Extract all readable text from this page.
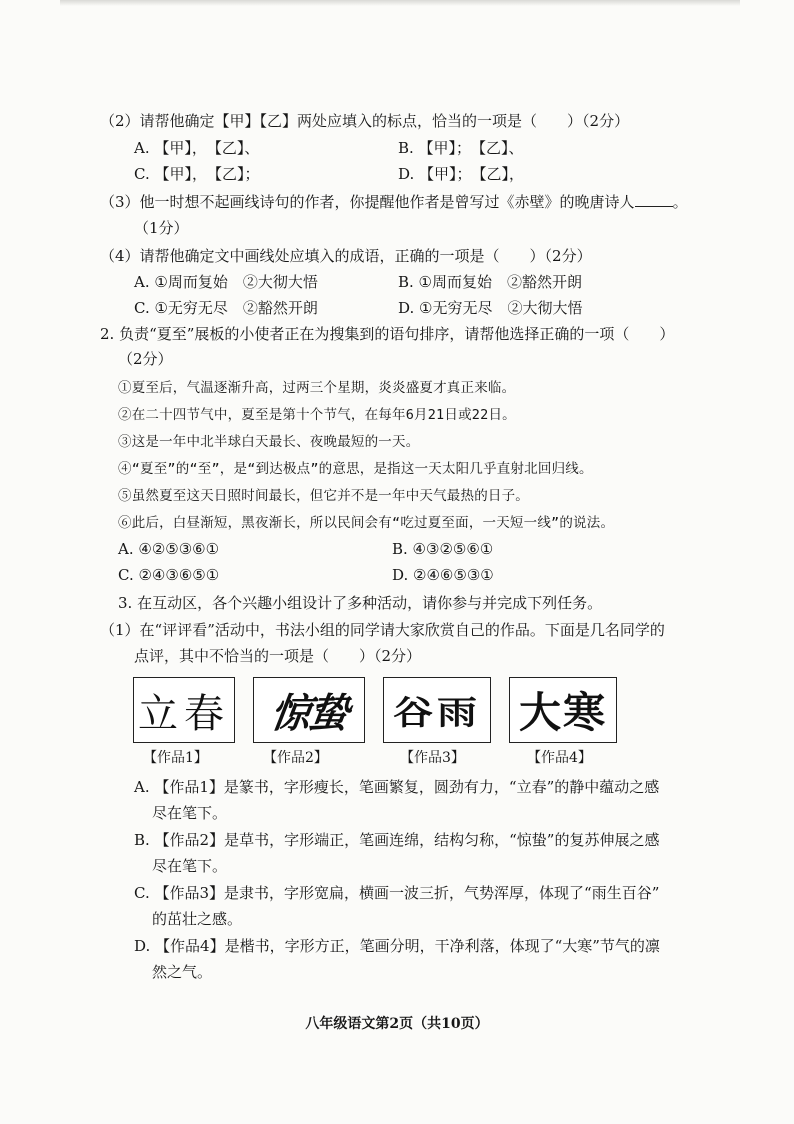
（2）请帮他确定【甲】【乙】两处应填入的标点，恰当的一项是（　　）（2分）
A. 【甲】，　【乙】、	B. 【甲】；　【乙】、
C. 【甲】，　【乙】；	D. 【甲】；　【乙】，
（3）他一时想不起画线诗句的作者，你提醒他作者是曾写过《赤壁》的晚唐诗人	。
（1分）
（4）请帮他确定文中画线处应填入的成语，正确的一项是（　　）（2分）
A. ①周而复始　②大彻大悟	B. ①周而复始　②豁然开朗
C. ①无穷无尽　②豁然开朗	D. ①无穷无尽　②大彻大悟
2. 负责“夏至”展板的小使者正在为搜集到的语句排序，请帮他选择正确的一项（　　）
（2分）
①夏至后，气温逐渐升高，过两三个星期，炎炎盛夏才真正来临。
②在二十四节气中，夏至是第十个节气，在每年6月21日或22日。
③这是一年中北半球白天最长、夜晚最短的一天。
④“夏至”的“至”，是“到达极点”的意思，是指这一天太阳几乎直射北回归线。
⑤虽然夏至这天日照时间最长，但它并不是一年中天气最热的日子。
⑥此后，白昼渐短，黑夜渐长，所以民间会有“吃过夏至面，一天短一线”的说法。
A. ④②⑤③⑥①	B. ④③②⑤⑥①
C. ②④③⑥⑤①	D. ②④⑥⑤③①
3. 在互动区，各个兴趣小组设计了多种活动，请你参与并完成下列任务。
（1）在“评评看”活动中，书法小组的同学请大家欣赏自己的作品。下面是几名同学的
点评，其中不恰当的一项是（　　）（2分）
立春 惊蛰	谷雨 大寒
【作品1】	【作品2】	【作品3】	【作品4】
A. 【作品1】是篆书，字形瘦长，笔画繁复，圆劲有力，“立春”的静中蕴动之感
尽在笔下。
B. 【作品2】是草书，字形端正，笔画连绵，结构匀称，“惊蛰”的复苏伸展之感
尽在笔下。
C. 【作品3】是隶书，字形宽扁，横画一波三折，气势浑厚，体现了“雨生百谷”
的茁壮之感。
D. 【作品4】是楷书，字形方正，笔画分明，干净利落，体现了“大寒”节气的凛
然之气。
八年级语文第2页（共10页）
